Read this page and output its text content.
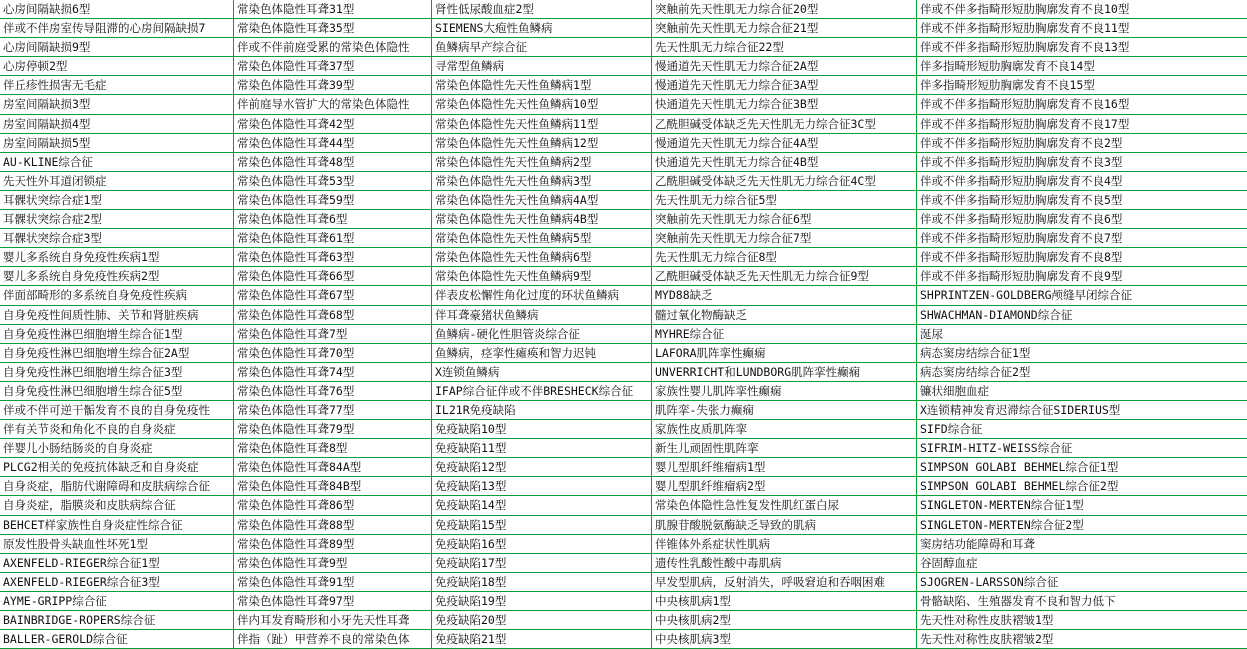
心房间隔缺损6型	常染色体隐性耳聋31型	肾性低尿酸血症2型	突触前先天性肌无力综合征20型	伴或不伴多指畸形短肋胸廓发育不良10型
伴或不伴房室传导阻滞的心房间隔缺损7	常染色体隐性耳聋35型	SIEMENS大疱性鱼鳞病	突触前先天性肌无力综合征21型	伴或不伴多指畸形短肋胸廓发育不良11型
心房间隔缺损9型	伴或不伴前庭受累的常染色体隐性	鱼鳞病早产综合征	先天性肌无力综合征22型	伴或不伴多指畸形短肋胸廓发育不良13型
心房停顿2型	常染色体隐性耳聋37型	寻常型鱼鳞病	慢通道先天性肌无力综合征2A型	伴多指畸形短肋胸廓发育不良14型
伴丘疹性损害无毛症	常染色体隐性耳聋39型	常染色体隐性先天性鱼鳞病1型	慢通道先天性肌无力综合征3A型	伴多指畸形短肋胸廓发育不良15型
房室间隔缺损3型	伴前庭导水管扩大的常染色体隐性	常染色体隐性先天性鱼鳞病10型	快通道先天性肌无力综合征3B型	伴或不伴多指畸形短肋胸廓发育不良16型
房室间隔缺损4型	常染色体隐性耳聋42型	常染色体隐性先天性鱼鳞病11型	乙酰胆碱受体缺乏先天性肌无力综合征3C型	伴或不伴多指畸形短肋胸廓发育不良17型
房室间隔缺损5型	常染色体隐性耳聋44型	常染色体隐性先天性鱼鳞病12型	慢通道先天性肌无力综合征4A型	伴或不伴多指畸形短肋胸廓发育不良2型
AU-KLINE综合征	常染色体隐性耳聋48型	常染色体隐性先天性鱼鳞病2型	快通道先天性肌无力综合征4B型	伴或不伴多指畸形短肋胸廓发育不良3型
先天性外耳道闭锁症	常染色体隐性耳聋53型	常染色体隐性先天性鱼鳞病3型	乙酰胆碱受体缺乏先天性肌无力综合征4C型	伴或不伴多指畸形短肋胸廓发育不良4型
耳髁状突综合症1型	常染色体隐性耳聋59型	常染色体隐性先天性鱼鳞病4A型	先天性肌无力综合征5型	伴或不伴多指畸形短肋胸廓发育不良5型
耳髁状突综合症2型	常染色体隐性耳聋6型	常染色体隐性先天性鱼鳞病4B型	突触前先天性肌无力综合征6型	伴或不伴多指畸形短肋胸廓发育不良6型
耳髁状突综合症3型	常染色体隐性耳聋61型	常染色体隐性先天性鱼鳞病5型	突触前先天性肌无力综合征7型	伴或不伴多指畸形短肋胸廓发育不良7型
婴儿多系统自身免疫性疾病1型	常染色体隐性耳聋63型	常染色体隐性先天性鱼鳞病6型	先天性肌无力综合征8型	伴或不伴多指畸形短肋胸廓发育不良8型
婴儿多系统自身免疫性疾病2型	常染色体隐性耳聋66型	常染色体隐性先天性鱼鳞病9型	乙酰胆碱受体缺乏先天性肌无力综合征9型	伴或不伴多指畸形短肋胸廓发育不良9型
伴面部畸形的多系统自身免疫性疾病	常染色体隐性耳聋67型	伴表皮松懈性角化过度的环状鱼鳞病	MYD88缺乏	SHPRINTZEN-GOLDBERG颅缝早闭综合征
自身免疫性间质性肺、关节和肾脏疾病	常染色体隐性耳聋68型	伴耳聋豪猪状鱼鳞病	髓过氧化物酶缺乏	SHWACHMAN-DIAMOND综合征
自身免疫性淋巴细胞增生综合征1型	常染色体隐性耳聋7型	鱼鳞病-硬化性胆管炎综合征	MYHRE综合征	涎尿
自身免疫性淋巴细胞增生综合征2A型	常染色体隐性耳聋70型	鱼鳞病，痉挛性瘫痪和智力迟钝	LAFORA肌阵挛性癫痫	病态窦房结综合征1型
自身免疫性淋巴细胞增生综合征3型	常染色体隐性耳聋74型	X连锁鱼鳞病	UNVERRICHT和LUNDBORG肌阵挛性癫痫	病态窦房结综合征2型
自身免疫性淋巴细胞增生综合征5型	常染色体隐性耳聋76型	IFAP综合征伴或不伴BRESHECK综合征	家族性婴儿肌阵挛性癫痫	镰状细胞血症
伴或不伴可逆干骺发育不良的自身免疫性	常染色体隐性耳聋77型	IL21R免疫缺陷	肌阵挛-失张力癫痫	X连锁精神发育迟滞综合征SIDERIUS型
伴有关节炎和角化不良的自身炎症	常染色体隐性耳聋79型	免疫缺陷10型	家族性皮质肌阵挛	SIFD综合征
伴婴儿小肠结肠炎的自身炎症	常染色体隐性耳聋8型	免疫缺陷11型	新生儿顽固性肌阵挛	SIFRIM-HITZ-WEISS综合征
PLCG2相关的免疫抗体缺乏和自身炎症	常染色体隐性耳聋84A型	免疫缺陷12型	婴儿型肌纤维瘤病1型	SIMPSON GOLABI BEHMEL综合征1型
自身炎症，脂肪代谢障碍和皮肤病综合征	常染色体隐性耳聋84B型	免疫缺陷13型	婴儿型肌纤维瘤病2型	SIMPSON GOLABI BEHMEL综合征2型
自身炎症，脂膜炎和皮肤病综合征	常染色体隐性耳聋86型	免疫缺陷14型	常染色体隐性急性复发性肌红蛋白尿	SINGLETON-MERTEN综合征1型
BEHCET样家族性自身炎症性综合征	常染色体隐性耳聋88型	免疫缺陷15型	肌腺苷酸脱氨酶缺乏导致的肌病	SINGLETON-MERTEN综合征2型
原发性股骨头缺血性坏死1型	常染色体隐性耳聋89型	免疫缺陷16型	伴锥体外系症状性肌病	窦房结功能障碍和耳聋
AXENFELD-RIEGER综合征1型	常染色体隐性耳聋9型	免疫缺陷17型	遗传性乳酸性酸中毒肌病	谷固醇血症
AXENFELD-RIEGER综合征3型	常染色体隐性耳聋91型	免疫缺陷18型	早发型肌病，反射消失，呼吸窘迫和吞咽困难	SJOGREN-LARSSON综合征
AYME-GRIPP综合征	常染色体隐性耳聋97型	免疫缺陷19型	中央核肌病1型	骨骼缺陷、生殖器发育不良和智力低下
BAINBRIDGE-ROPERS综合征	伴内耳发育畸形和小牙先天性耳聋	免疫缺陷20型	中央核肌病2型	先天性对称性皮肤褶皱1型
BALLER-GEROLD综合征	伴指（趾）甲营养不良的常染色体	免疫缺陷21型	中央核肌病3型	先天性对称性皮肤褶皱2型
